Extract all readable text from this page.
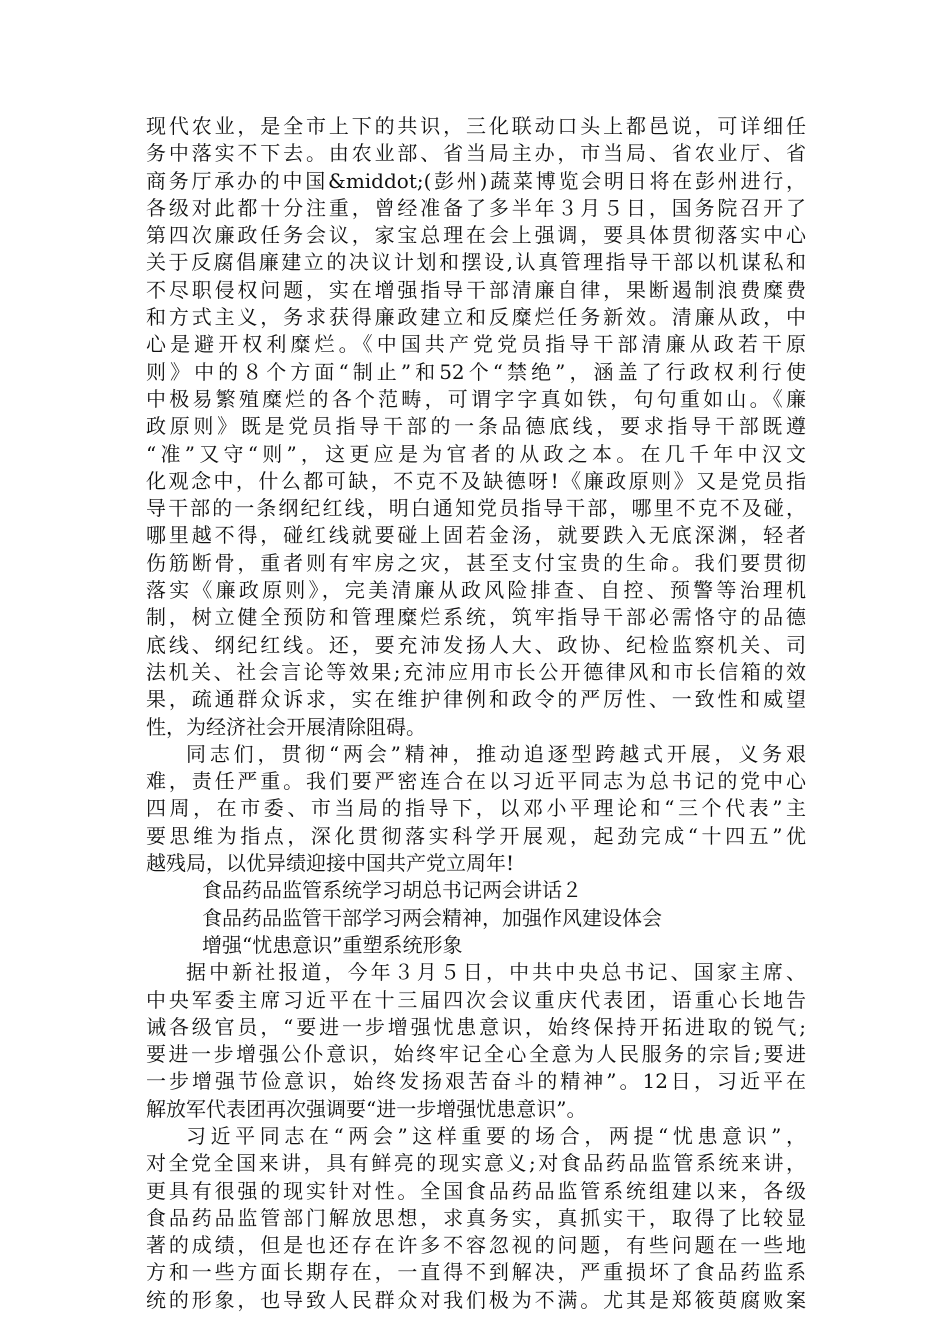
现代农业，是全市上下的共识，三化联动口头上都邑说，可详细任
务中落实不下去。由农业部、省当局主办，市当局、省农业厅、省
商务厅承办的中国&middot;(彭州)蔬菜博览会明日将在彭州进行，
各级对此都十分注重，曾经准备了多半年３月５日，国务院召开了
第四次廉政任务会议，家宝总理在会上强调，要具体贯彻落实中心
关于反腐倡廉建立的决议计划和摆设,认真管理指导干部以机谋私和
不尽职侵权问题，实在增强指导干部清廉自律，果断遏制浪费糜费
和方式主义，务求获得廉政建立和反糜烂任务新效。清廉从政，中
心是避开权利糜烂。《中国共产党党员指导干部清廉从政若干原
则》中的８个方面“制止”和52个“禁绝”，涵盖了行政权利行使
中极易繁殖糜烂的各个范畴，可谓字字真如铁，句句重如山。《廉
政原则》既是党员指导干部的一条品德底线，要求指导干部既遵
“准”又守“则”，这更应是为官者的从政之本。在几千年中汉文
化观念中，什么都可缺，不克不及缺德呀!《廉政原则》又是党员指
导干部的一条纲纪红线，明白通知党员指导干部，哪里不克不及碰，
哪里越不得，碰红线就要碰上固若金汤，就要跌入无底深渊，轻者
伤筋断骨，重者则有牢房之灾，甚至支付宝贵的生命。我们要贯彻
落实《廉政原则》，完美清廉从政风险排查、自控、预警等治理机
制，树立健全预防和管理糜烂系统，筑牢指导干部必需恪守的品德
底线、纲纪红线。还，要充沛发扬人大、政协、纪检监察机关、司
法机关、社会言论等效果;充沛应用市长公开德律风和市长信箱的效
果，疏通群众诉求，实在维护律例和政令的严厉性、一致性和威望
性，为经济社会开展清除阻碍。
同志们，贯彻“两会”精神，推动追逐型跨越式开展，义务艰
难，责任严重。我们要严密连合在以习近平同志为总书记的党中心
四周，在市委、市当局的指导下，以邓小平理论和“三个代表”主
要思维为指点，深化贯彻落实科学开展观，起劲完成“十四五”优
越残局，以优异绩迎接中国共产党立周年!
食品药品监管系统学习胡总书记两会讲话２
食品药品监管干部学习两会精神，加强作风建设体会
增强“忧患意识”重塑系统形象
据中新社报道，今年３月５日，中共中央总书记、国家主席、
中央军委主席习近平在十三届四次会议重庆代表团，语重心长地告
诫各级官员，“要进一步增强忧患意识，始终保持开拓进取的锐气;
要进一步增强公仆意识，始终牢记全心全意为人民服务的宗旨;要进
一步增强节俭意识，始终发扬艰苦奋斗的精神”。12日，习近平在
解放军代表团再次强调要“进一步增强忧患意识”。
习近平同志在“两会”这样重要的场合，两提“忧患意识”，
对全党全国来讲，具有鲜亮的现实意义;对食品药品监管系统来讲，
更具有很强的现实针对性。全国食品药品监管系统组建以来，各级
食品药品监管部门解放思想，求真务实，真抓实干，取得了比较显
著的成绩，但是也还存在许多不容忽视的问题，有些问题在一些地
方和一些方面长期存在，一直得不到解决，严重损坏了食品药监系
统的形象，也导致人民群众对我们极为不满。尤其是郑筱萸腐败案
